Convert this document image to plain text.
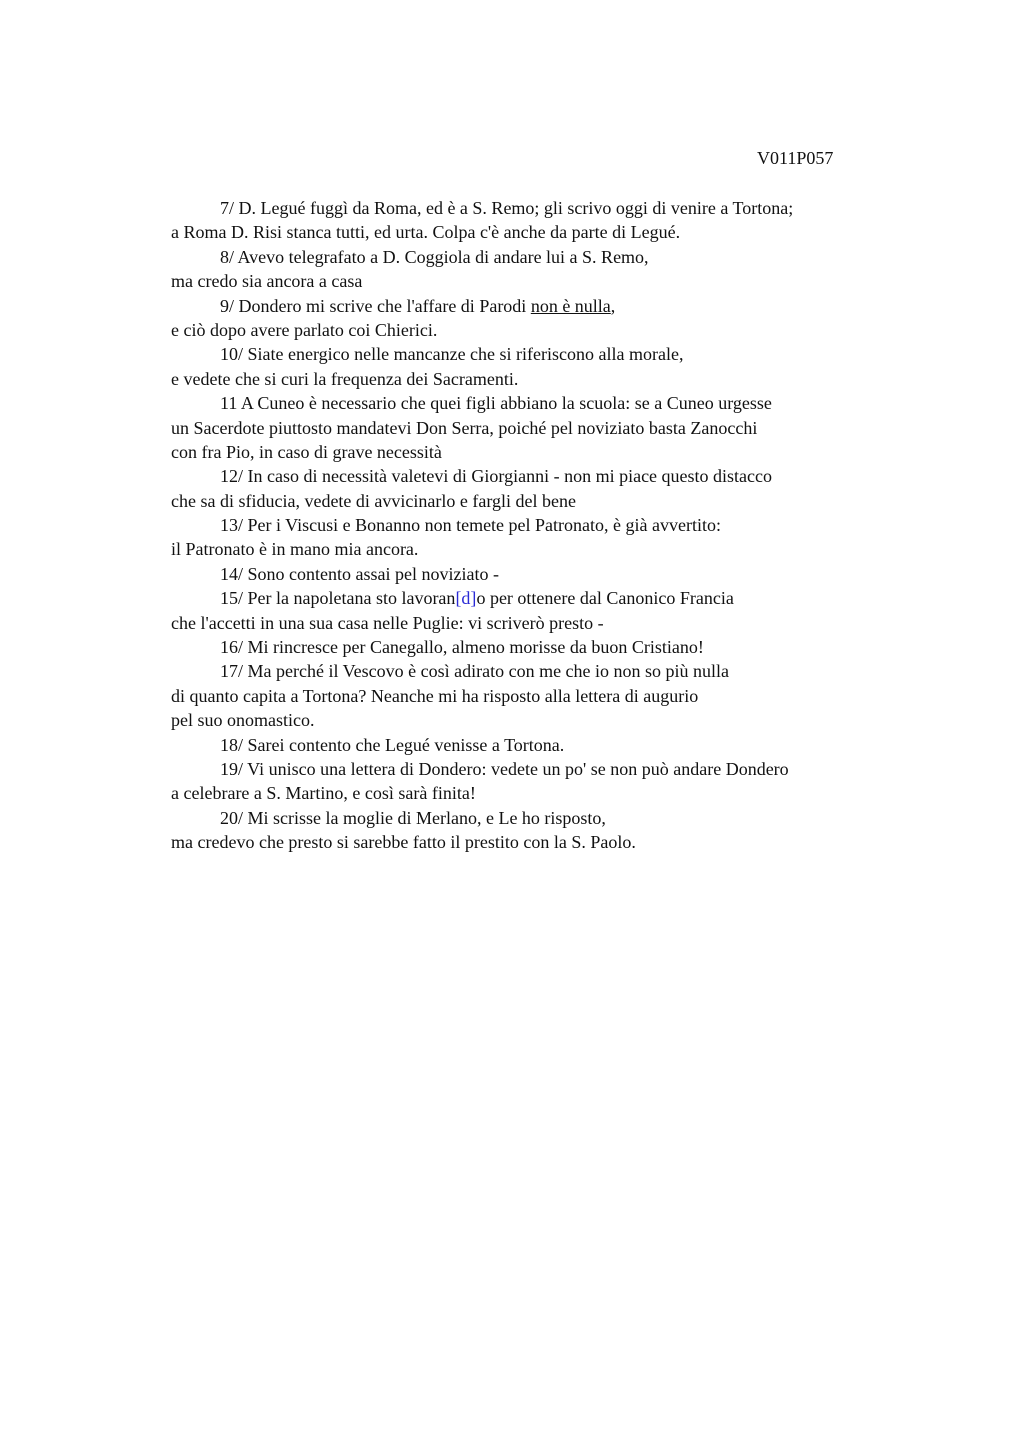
V011P057
7/ D. Legué fuggì da Roma, ed è a S. Remo; gli scrivo oggi di venire a Tortona;
a Roma D. Risi stanca tutti, ed urta. Colpa c'è anche da parte di Legué.
8/ Avevo telegrafato a D. Coggiola di andare lui a S. Remo,
ma credo sia ancora a casa
9/ Dondero mi scrive che l'affare di Parodi non è nulla,
e ciò dopo avere parlato coi Chierici.
10/ Siate energico nelle mancanze che si riferiscono alla morale,
e vedete che si curi la frequenza dei Sacramenti.
11 A Cuneo è necessario che quei figli abbiano la scuola: se a Cuneo urgesse
un Sacerdote piuttosto mandatevi Don Serra, poiché pel noviziato basta Zanocchi
con fra Pio, in caso di grave necessità
12/ In caso di necessità valetevi di Giorgianni - non mi piace questo distacco
che sa di sfiducia, vedete di avvicinarlo e fargli del bene
13/ Per i Viscusi e Bonanno non temete pel Patronato, è già avvertito:
il Patronato è in mano mia ancora.
14/ Sono contento assai pel noviziato -
15/ Per la napoletana sto lavoran[d]o per ottenere dal Canonico Francia
che l'accetti in una sua casa nelle Puglie: vi scriverò presto -
16/ Mi rincresce per Canegallo, almeno morisse da buon Cristiano!
17/ Ma perché il Vescovo è così adirato con me che io non so più nulla
di quanto capita a Tortona? Neanche mi ha risposto alla lettera di augurio
pel suo onomastico.
18/ Sarei contento che Legué venisse a Tortona.
19/ Vi unisco una lettera di Dondero: vedete un po' se non può andare Dondero
a celebrare a S. Martino, e così sarà finita!
20/ Mi scrisse la moglie di Merlano, e Le ho risposto,
ma credevo che presto si sarebbe fatto il prestito con la S. Paolo.
